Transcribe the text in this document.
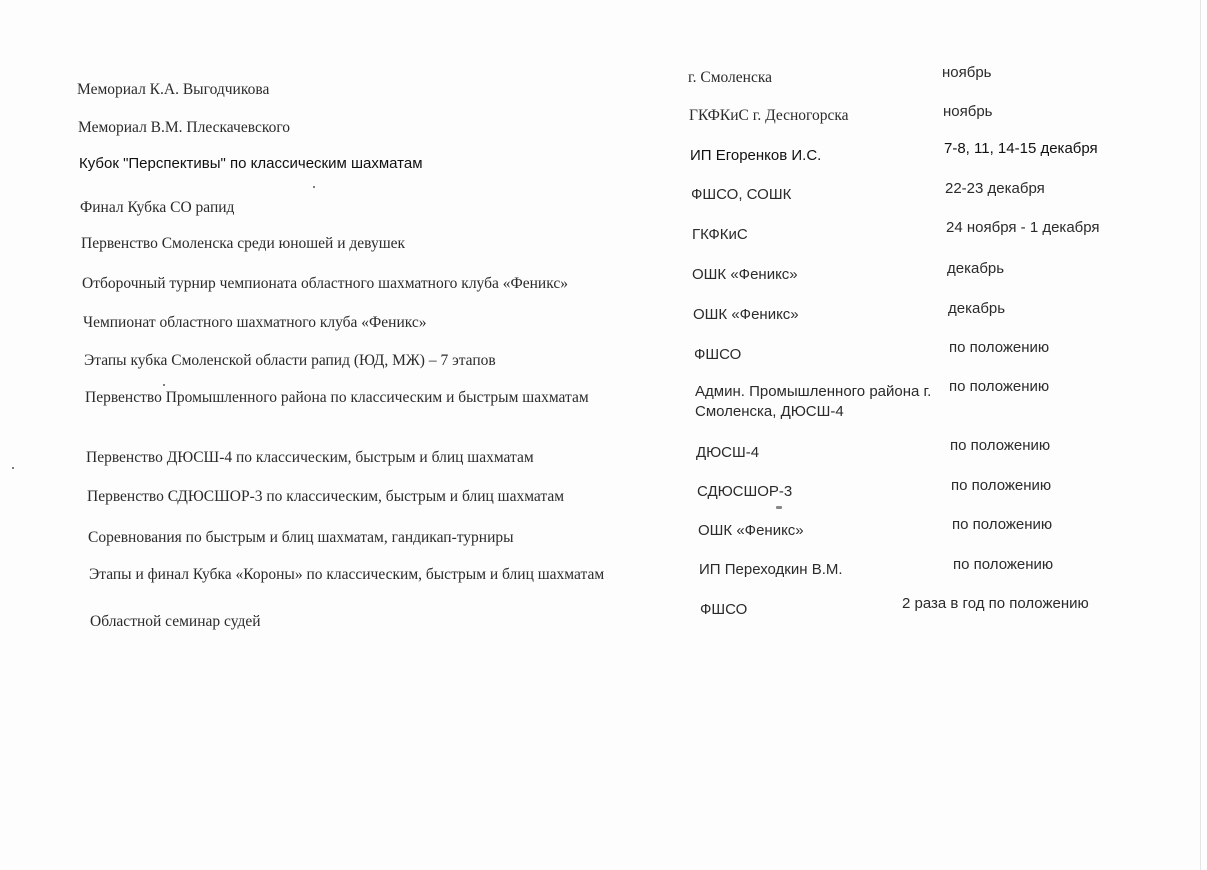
Мемориал К.А. Выгодчикова
Мемориал В.М. Плескачевского
Кубок "Перспективы" по классическим шахматам
Финал Кубка СО рапид
Первенство Смоленска среди юношей и девушек
Отборочный турнир чемпионата областного шахматного клуба «Феникс»
Чемпионат областного шахматного клуба «Феникс»
Этапы кубка Смоленской области рапид (ЮД, МЖ) – 7 этапов
Первенство Промышленного района по классическим и быстрым шахматам
Первенство ДЮСШ-4 по классическим, быстрым и блиц шахматам
Первенство СДЮСШОР-3 по классическим, быстрым и блиц шахматам
Соревнования по быстрым и блиц шахматам, гандикап-турниры
Этапы и финал Кубка «Короны» по классическим, быстрым и блиц шахматам
Областной семинар судей
г. Смоленска
ГКФКиС г. Десногорска
ИП Егоренков И.С.
ФШСО, СОШК
ГКФКиС
ОШК «Феникс»
ОШК «Феникс»
ФШСО
Админ. Промышленного района г. Смоленска, ДЮСШ-4
ДЮСШ-4
СДЮСШОР-3
ОШК «Феникс»
ИП Переходкин В.М.
ФШСО
ноябрь
ноябрь
7-8, 11, 14-15 декабря
22-23 декабря
24 ноября - 1 декабря
декабрь
декабрь
по положению
по положению
по положению
по положению
по положению
по положению
2 раза в год по положению
